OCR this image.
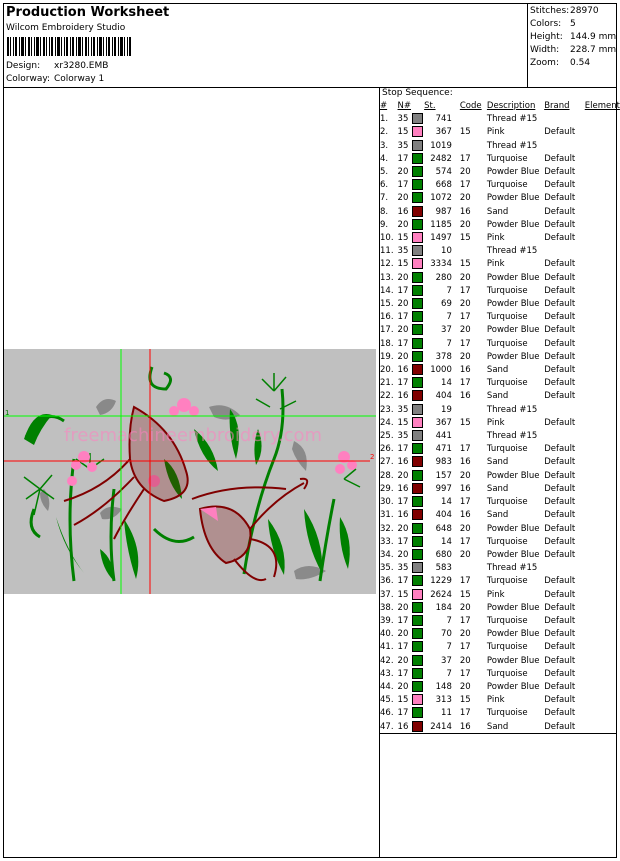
Production Worksheet
Wilcom Embroidery Studio
Design: xr3280.EMB
Colorway: Colorway 1
Stitches:28970
Colors: 5
Height: 144.9 mm
Width: 228.7 mm
Zoom: 0.54
freemachineembroidery.com
1
2
Stop Sequence:
#	N#		St.	Code	Description	Brand	Element
1.	35		741		Thread #15		
2.	15		367	15	Pink	Default	
3.	35		1019		Thread #15		
4.	17		2482	17	Turquoise	Default	
5.	20		574	20	Powder Blue	Default	
6.	17		668	17	Turquoise	Default	
7.	20		1072	20	Powder Blue	Default	
8.	16		987	16	Sand	Default	
9.	20		1185	20	Powder Blue	Default	
10.	15		1497	15	Pink	Default	
11.	35		10		Thread #15		
12.	15		3334	15	Pink	Default	
13.	20		280	20	Powder Blue	Default	
14.	17		7	17	Turquoise	Default	
15.	20		69	20	Powder Blue	Default	
16.	17		7	17	Turquoise	Default	
17.	20		37	20	Powder Blue	Default	
18.	17		7	17	Turquoise	Default	
19.	20		378	20	Powder Blue	Default	
20.	16		1000	16	Sand	Default	
21.	17		14	17	Turquoise	Default	
22.	16		404	16	Sand	Default	
23.	35		19		Thread #15		
24.	15		367	15	Pink	Default	
25.	35		441		Thread #15		
26.	17		471	17	Turquoise	Default	
27.	16		983	16	Sand	Default	
28.	20		157	20	Powder Blue	Default	
29.	16		997	16	Sand	Default	
30.	17		14	17	Turquoise	Default	
31.	16		404	16	Sand	Default	
32.	20		648	20	Powder Blue	Default	
33.	17		14	17	Turquoise	Default	
34.	20		680	20	Powder Blue	Default	
35.	35		583		Thread #15		
36.	17		1229	17	Turquoise	Default	
37.	15		2624	15	Pink	Default	
38.	20		184	20	Powder Blue	Default	
39.	17		7	17	Turquoise	Default	
40.	20		70	20	Powder Blue	Default	
41.	17		7	17	Turquoise	Default	
42.	20		37	20	Powder Blue	Default	
43.	17		7	17	Turquoise	Default	
44.	20		148	20	Powder Blue	Default	
45.	15		313	15	Pink	Default	
46.	17		11	17	Turquoise	Default	
47.	16		2414	16	Sand	Default	
